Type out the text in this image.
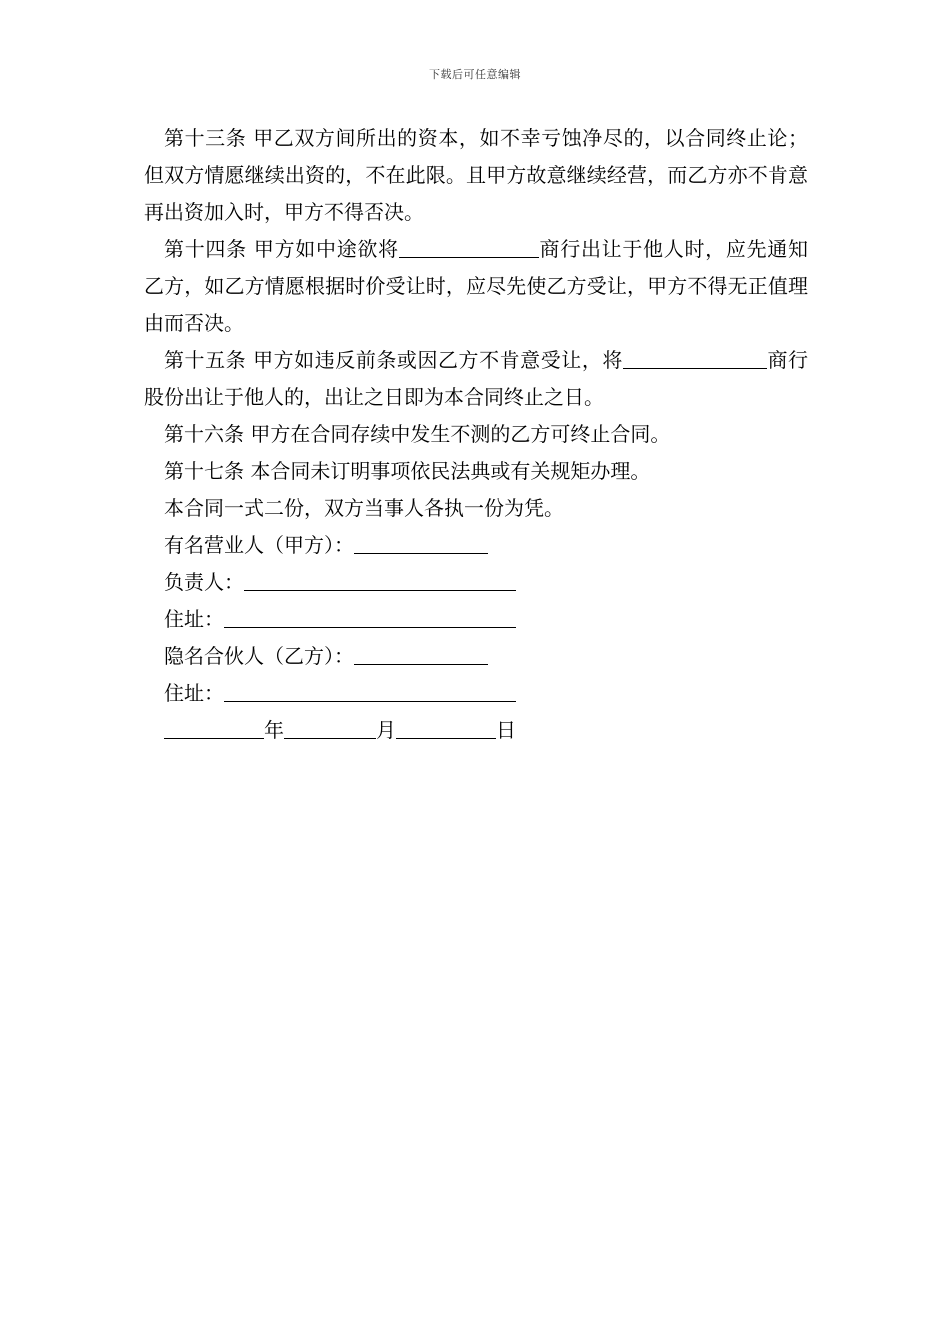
下载后可任意编辑

第十三条 甲乙双方间所出的资本，如不幸亏蚀净尽的，以合同终止论；但双方情愿继续出资的，不在此限。且甲方故意继续经营，而乙方亦不肯意再出资加入时，甲方不得否决。

第十四条 甲方如中途欲将	商行出让于他人时，应先通知乙方，如乙方情愿根据时价受让时，应尽先使乙方受让，甲方不得无正值理由而否决。

第十五条 甲方如违反前条或因乙方不肯意受让，将	商行股份出让于他人的，出让之日即为本合同终止之日。

第十六条 甲方在合同存续中发生不测的乙方可终止合同。

第十七条 本合同未订明事项依民法典或有关规矩办理。

本合同一式二份，双方当事人各执一份为凭。

有名营业人（甲方）：

负责人：

住址：

隐名合伙人（乙方）：

住址：

年	月	日
